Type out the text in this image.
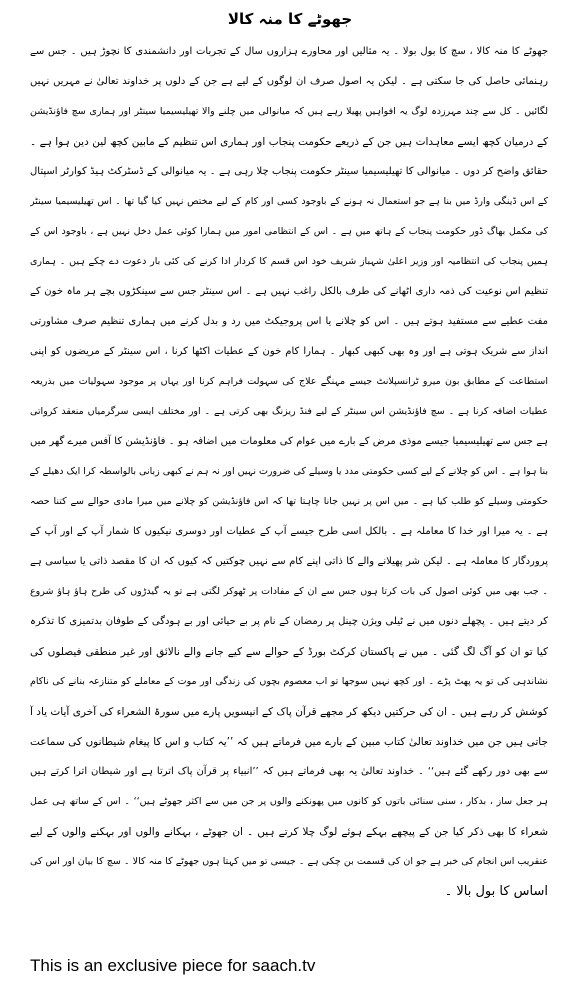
جھوٹے کا منہ کالا
جھوٹے کا منہ کالا ، سچ کا بول بولا ۔ یہ مثالیں اور محاورے ہزاروں سال کے تجربات اور دانشمندی کا نچوڑ ہیں ۔ جس سے
رہنمائی حاصل کی جا سکتی ہے ۔ لیکن یہ اصول صرف ان لوگوں کے لیے ہے جن کے دلوں پر خداوند تعالیٰ نے مہریں نہیں
لگائیں ۔ کل سے چند مہرزدہ لوگ یہ افواہیں پھیلا رہے ہیں کہ میانوالی میں چلنے والا تھیلیسیمیا سینٹر اور ہماری سچ فاؤنڈیشن
کے درمیان کچھ ایسے معاہدات ہیں جن کے ذریعے حکومت پنجاب اور ہماری اس تنظیم کے مابین کچھ لین دین ہوا ہے ۔
حقائق واضح کر دوں ۔ میانوالی کا تھیلیسیمیا سینٹر حکومت پنجاب چلا رہی ہے ۔ یہ میانوالی کے ڈسٹرکٹ ہیڈ کوارٹر اسپتال
کے اس ڈینگی وارڈ میں بنا ہے جو استعمال نہ ہونے کے باوجود کسی اور کام کے لیے مختص نہیں کیا گیا تھا ۔ اس تھیلیسیمیا سینٹر
کی مکمل بھاگ ڈور حکومت پنجاب کے ہاتھ میں ہے ۔ اس کے انتظامی امور میں ہمارا کوئی عمل دخل نہیں ہے ، باوجود اس کے
ہمیں پنجاب کی انتظامیہ اور وزیر اعلیٰ شہباز شریف خود اس قسم کا کردار ادا کرنے کی کئی بار دعوت دے چکے ہیں ۔ ہماری
تنظیم اس نوعیت کی ذمہ داری اٹھانے کی طرف بالکل راغب نہیں ہے ۔ اس سینٹر جس سے سینکڑوں بچے ہر ماہ خون کے
مفت عطیے سے مستفید ہوتے ہیں ۔ اس کو چلانے یا اس پروجیکٹ میں رد و بدل کرنے میں ہماری تنظیم صرف مشاورتی
انداز سے شریک ہوتی ہے اور وہ بھی کبھی کبھار ۔ ہمارا کام خون کے عطیات اکٹھا کرنا ، اس سینٹر کے مریضوں کو اپنی
استطاعت کے مطابق بون میرو ٹرانسپلانٹ جیسے مہنگے علاج کی سہولت فراہم کرنا اور یہاں پر موجود سہولیات میں بذریعہ
عطیات اضافہ کرنا ہے ۔ سچ فاؤنڈیشن اس سینٹر کے لیے فنڈ ریزنگ بھی کرتی ہے ۔ اور مختلف ایسی سرگرمیاں منعقد کرواتی
ہے جس سے تھیلیسیمیا جیسے موذی مرض کے بارے میں عوام کی معلومات میں اضافہ ہو ۔ فاؤنڈیشن کا آفس میرے گھر میں
بنا ہوا ہے ۔ اس کو چلانے کے لیے کسی حکومتی مدد یا وسیلے کی ضرورت نہیں اور نہ ہم نے کبھی زبانی بالواسطہ کرا ایک دھیلے کے
حکومتی وسیلے کو طلب کیا ہے ۔ میں اس پر نہیں جانا چاہتا تھا کہ اس فاؤنڈیشن کو چلانے میں میرا مادی حوالے سے کتنا حصہ
ہے ۔ یہ میرا اور خدا کا معاملہ ہے ۔ بالکل اسی طرح جیسے آپ کے عطیات اور دوسری نیکیوں کا شمار آپ کے اور آپ کے
پروردگار کا معاملہ ہے ۔ لیکن شر پھیلانے والے کا ذاتی اپنے کام سے نہیں چوکتیں کہ کیوں کہ ان کا مقصد ذاتی یا سیاسی ہے
۔ جب بھی میں کوئی اصول کی بات کرتا ہوں جس سے ان کے مفادات پر ٹھوکر لگتی ہے تو یہ گیدڑوں کی طرح ہاؤ ہاؤ شروع
کر دیتے ہیں ۔ پچھلے دنوں میں نے ٹیلی ویژن چینل پر رمضان کے نام پر بے حیائی اور بے ہودگی کے طوفان بدتمیزی کا تذکرہ
کیا تو ان کو آگ لگ گئی ۔ میں نے پاکستان کرکٹ بورڈ کے حوالے سے کیے جانے والے نالائق اور غیر منطقی فیصلوں کی
نشاندہی کی تو یہ پھٹ پڑے ۔ اور کچھ نہیں سوجھا تو اب معصوم بچوں کی زندگی اور موت کے معاملے کو متنازعہ بنانے کی ناکام
کوشش کر رہے ہیں ۔ ان کی حرکتیں دیکھ کر مجھے قرآن پاک کے انیسویں پارے میں سورۃ الشعراء کی آخری آیات یاد آ
جاتی ہیں جن میں خداوند تعالیٰ کتاب مبین کے بارے میں فرماتے ہیں کہ ’’یہ کتاب و اس کا پیغام شیطانوں کی سماعت
سے بھی دور رکھے گئے ہیں‘‘ ۔ خداوند تعالیٰ یہ بھی فرماتے ہیں کہ ’’انبیاء پر قرآن پاک اترتا ہے اور شیطان اترا کرتے ہیں
ہر جعل ساز ، بدکار ، سنی سنائی باتوں کو کانوں میں پھونکنے والوں پر جن میں سے اکثر جھوٹے ہیں‘‘ ۔ اس کے ساتھ ہی عمل
شعراء کا بھی ذکر کیا جن کے پیچھے بہکے ہوئے لوگ چلا کرتے ہیں ۔ ان جھوٹے ، بہکانے والوں اور بہکنے والوں کے لیے
عنقریب اس انجام کی خبر ہے جو ان کی قسمت بن چکی ہے ۔ جیسی تو میں کہتا ہوں جھوٹے کا منہ کالا ۔ سچ کا بیان اور اس کی
اساس کا بول بالا ۔
This is an exclusive piece for saach.tv
